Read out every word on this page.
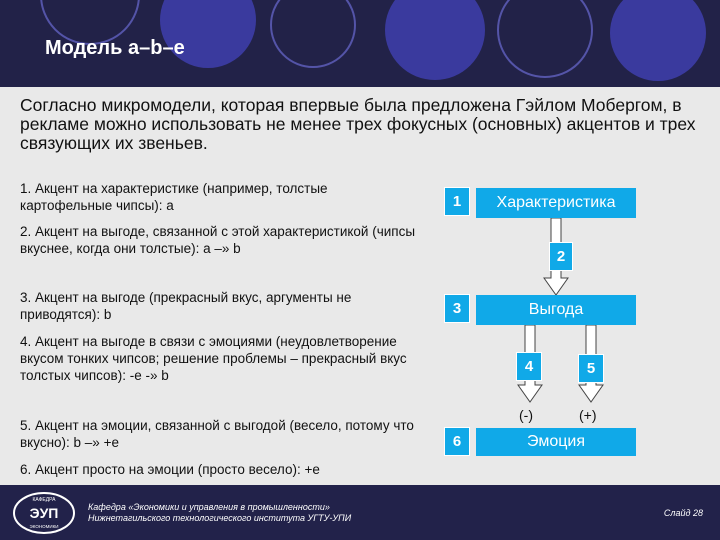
Модель a–b–e
Согласно микромодели, которая впервые была предложена Гэйлом Мобергом, в рекламе можно использовать не менее трех фокусных (основных) акцентов и трех связующих их звеньев.
1. Акцент на характеристике (например, толстые картофельные чипсы): а
2. Акцент на выгоде, связанной с этой характеристикой (чипсы вкуснее, когда они толстые): а –» b
3. Акцент на выгоде (прекрасный вкус, аргументы не приводятся): b
4. Акцент на выгоде в связи с эмоциями (неудовлетворение вкусом тонких чипсов; решение проблемы – прекрасный вкус толстых чипсов): -е -» b
5. Акцент на эмоции, связанной с выгодой (весело, потому что вкусно): b –» +е
6. Акцент просто на эмоции (просто весело): +е
1	Характеристика
2
3	Выгода
4	5
(-)	(+)
6	Эмоция
КАФЕДРА
ЭУП
ЭКОНОМИКИ
Кафедра «Экономики и управления в промышленности»
Нижнетагильского технологического института УГТУ-УПИ	Слайд 28
